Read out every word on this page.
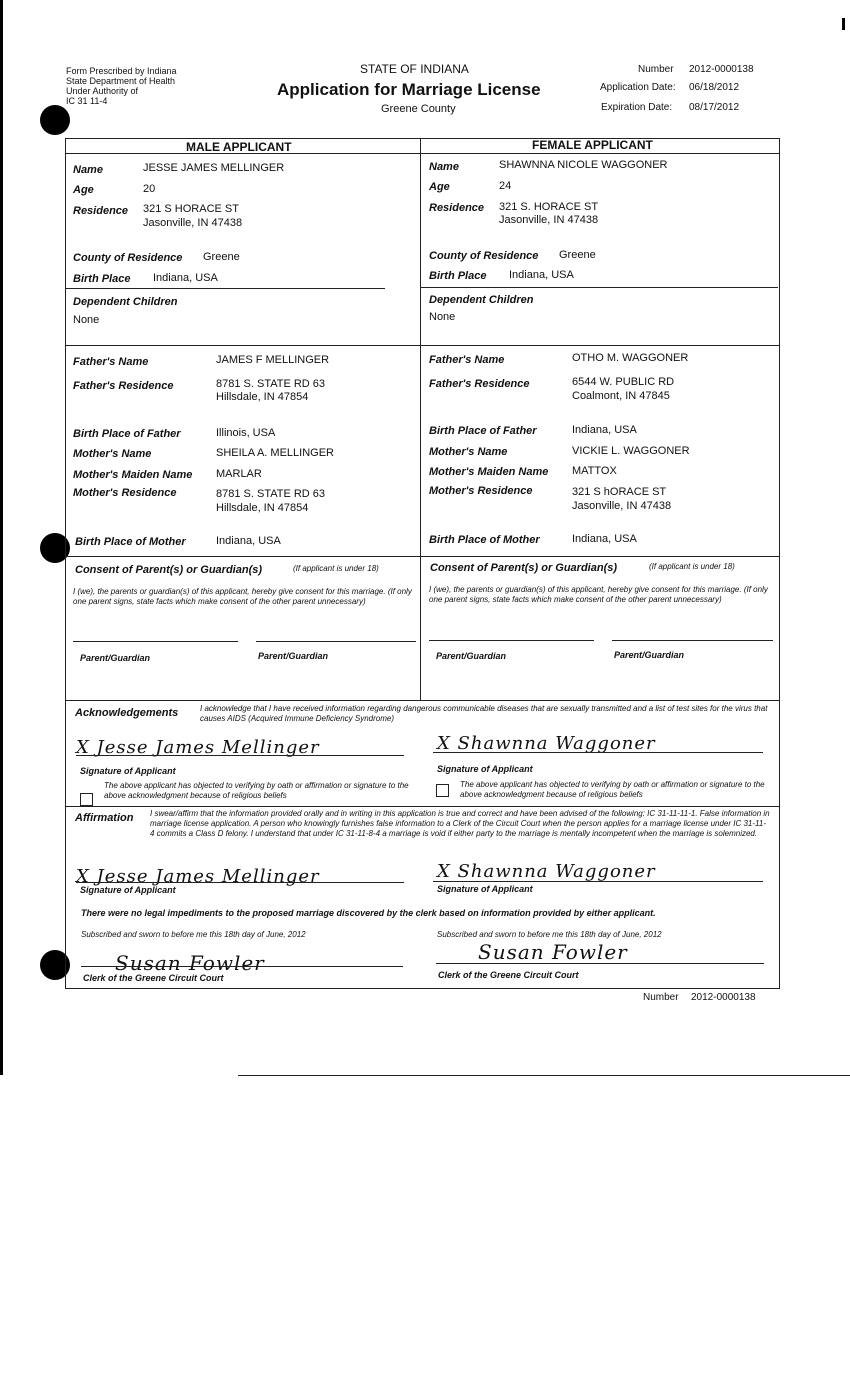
Form Prescribed by Indiana
State Department of Health
Under Authority of
IC 31 11-4
STATE OF INDIANA
Application for Marriage License
Greene County
Number 2012-0000138
Application Date: 06/18/2012
Expiration Date: 08/17/2012
MALE APPLICANT	FEMALE APPLICANT
Name	JESSE JAMES MELLINGER
Age	20
Residence 321 S HORACE ST
Jasonville, IN 47438
County of Residence Greene
Birth Place Indiana, USA
Dependent Children
None
Father's Name	JAMES F MELLINGER
Father's Residence	8781 S. STATE RD 63
Hillsdale, IN 47854
Birth Place of Father	Illinois, USA
Mother's Name	SHEILA A. MELLINGER
Mother's Maiden Name MARLAR
Mother's Residence	8781 S. STATE RD 63
Hillsdale, IN 47854
Birth Place of Mother	Indiana, USA
Consent of Parent(s) or Guardian(s)	(If applicant is under 18)
I (we), the parents or guardian(s) of this applicant, hereby give consent for this marriage. (If only one parent signs, state facts which make consent of the other parent unnecessary)
Parent/Guardian	Parent/Guardian
Name	SHAWNNA NICOLE WAGGONER
Age	24
Residence 321 S. HORACE ST
Jasonville, IN 47438
County of Residence Greene
Birth Place Indiana, USA
Dependent Children
None
Father's Name	OTHO M. WAGGONER
Father's Residence	6544 W. PUBLIC RD
Coalmont, IN 47845
Birth Place of Father	Indiana, USA
Mother's Name	VICKIE L. WAGGONER
Mother's Maiden Name MATTOX
Mother's Residence	321 S hORACE ST
Jasonville, IN 47438
Birth Place of Mother	Indiana, USA
Consent of Parent(s) or Guardian(s)	(If applicant is under 18)
I (we), the parents or guardian(s) of this applicant, hereby give consent for this marriage. (If only one parent signs, state facts which make consent of the other parent unnecessary)
Parent/Guardian	Parent/Guardian
Acknowledgements	I acknowledge that I have received information regarding dangerous communicable diseases that are sexually transmitted and a list of test sites for the virus that causes AIDS (Acquired Immune Deficiency Syndrome)
X Jesse James Mellinger
Signature of Applicant
The above applicant has objected to verifying by oath or affirmation or signature to the above acknowledgment because of religious beliefs
X Shawnna Waggoner
Signature of Applicant
The above applicant has objected to verifying by oath or affirmation or signature to the above acknowledgment because of religious beliefs
Affirmation I swear/affirm that the information provided orally and in writing in this application is true and correct and have been advised of the following: IC 31-11-11-1. False information in marriage license application. A person who knowingly furnishes false information to a Clerk of the Circuit Court when the person applies for a marriage license under IC 31-11-4 commits a Class D felony. I understand that under IC 31-11-8-4 a marriage is void if either party to the marriage is mentally incompetent when the marriage is solemnized.
X Jesse James Mellinger
Signature of Applicant
X Shawnna Waggoner
Signature of Applicant
There were no legal impediments to the proposed marriage discovered by the clerk based on information provided by either applicant.
Subscribed and sworn to before me this 18th day of June, 2012
Susan Fowler
Clerk of the Greene Circuit Court
Subscribed and sworn to before me this 18th day of June, 2012
Susan Fowler
Clerk of the Greene Circuit Court
Number 2012-0000138
